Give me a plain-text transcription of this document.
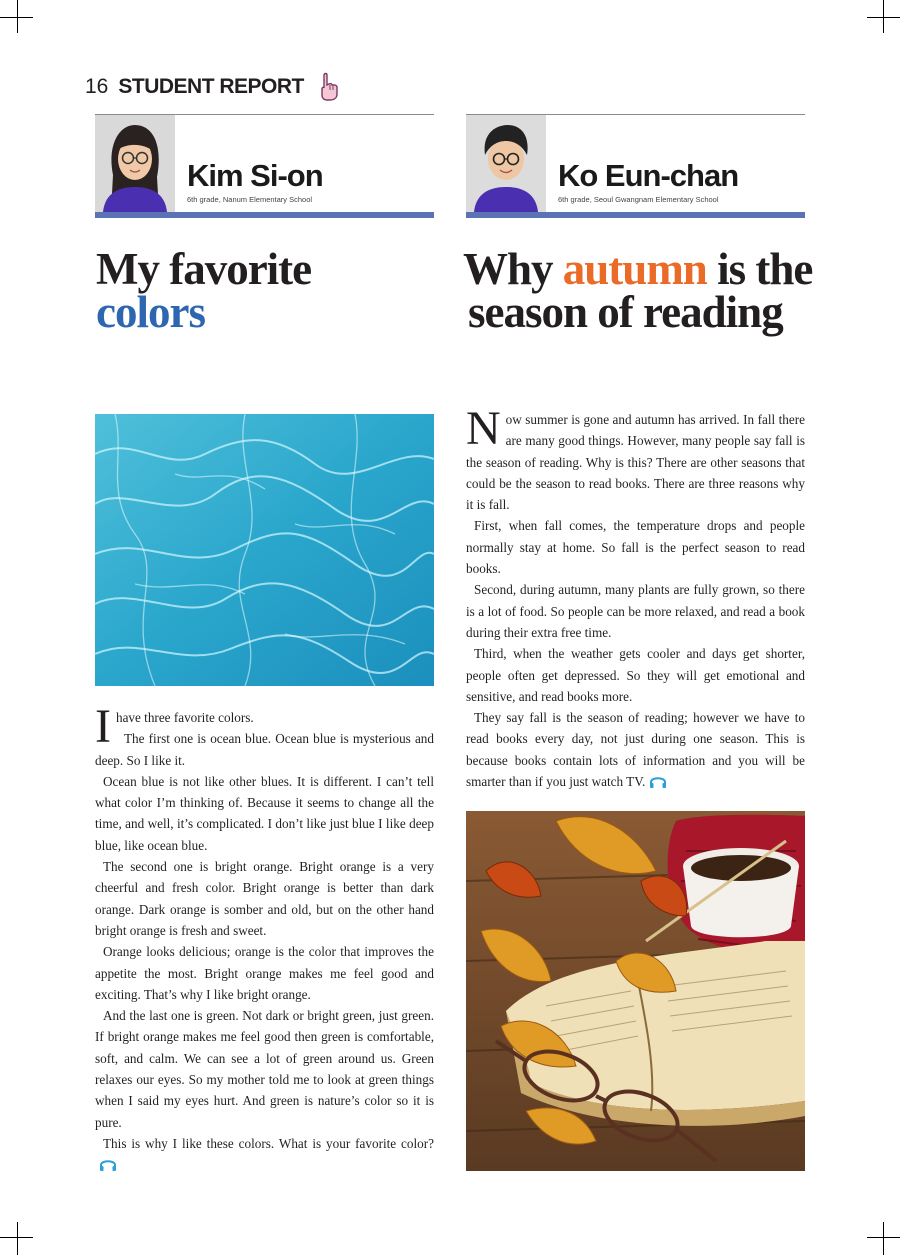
16 STUDENT REPORT
Kim Si-on
6th grade, Nanum Elementary School
Ko Eun-chan
6th grade, Seoul Gwangnam Elementary School
My favorite
colors
Why autumn is the
season of reading

Ihave three favorite colors.

The first one is ocean blue. Ocean blue is mysterious and deep. So I like it.

Ocean blue is not like other blues. It is different. I can’t tell what color I’m thinking of. Because it seems to change all the time, and well, it’s complicated. I don’t like just blue I like deep blue, like ocean blue.

The second one is bright orange. Bright orange is a very cheerful and fresh color. Bright orange is better than dark orange. Dark orange is somber and old, but on the other hand bright orange is fresh and sweet.

Orange looks delicious; orange is the color that improves the appetite the most. Bright orange makes me feel good and exciting. That’s why I like bright orange.

And the last one is green. Not dark or bright green, just green. If bright orange makes me feel good then green is comfortable, soft, and calm. We can see a lot of green around us. Green relaxes our eyes. So my mother told me to look at green things when I said my eyes hurt. And green is nature’s color so it is pure.

This is why I like these colors. What is your favorite color?

Now summer is gone and autumn has arrived. In fall there are many good things. However, many people say fall is the season of reading. Why is this? There are other seasons that could be the season to read books. There are three reasons why it is fall.

First, when fall comes, the temperature drops and people normally stay at home. So fall is the perfect season to read books.

Second, during autumn, many plants are fully grown, so there is a lot of food. So people can be more relaxed, and read a book during their extra free time.

Third, when the weather gets cooler and days get shorter, people often get depressed. So they will get emotional and sensitive, and read books more.

They say fall is the season of reading; however we have to read books every day, not just during one season. This is because books contain lots of information and you will be smarter than if you just watch TV.
